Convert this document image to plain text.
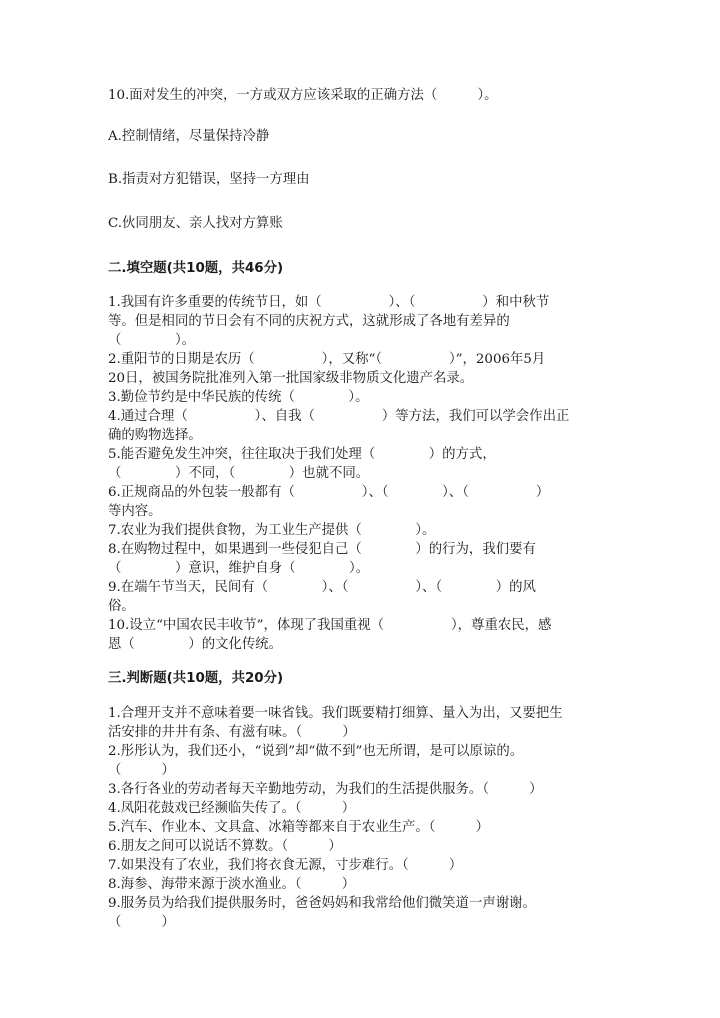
10.面对发生的冲突，一方或双方应该采取的正确方法（　　　）。
A.控制情绪，尽量保持冷静
B.指责对方犯错误，坚持一方理由
C.伙同朋友、亲人找对方算账
二.填空题(共10题，共46分)
1.我国有许多重要的传统节日，如（　　　　　）、（　　　　　）和中秋节
等。但是相同的节日会有不同的庆祝方式，这就形成了各地有差异的
（　　　　）。
2.重阳节的日期是农历（　　　　　），又称“（　　　　　）”，2006年5月
20日，被国务院批准列入第一批国家级非物质文化遗产名录。
3.勤俭节约是中华民族的传统（　　　　）。
4.通过合理（　　　　　）、自我（　　　　　）等方法，我们可以学会作出正
确的购物选择。
5.能否避免发生冲突，往往取决于我们处理（　　　　）的方式，
（　　　　）不同，（　　　　）也就不同。
6.正规商品的外包装一般都有（　　　　　）、（　　　　）、（　　　　　）
等内容。
7.农业为我们提供食物，为工业生产提供（　　　　）。
8.在购物过程中，如果遇到一些侵犯自己（　　　　）的行为，我们要有
（　　　　）意识，维护自身（　　　　）。
9.在端午节当天，民间有（　　　　）、（　　　　　）、（　　　　）的风
俗。
10.设立“中国农民丰收节”，体现了我国重视（　　　　　），尊重农民，感
恩（　　　　）的文化传统。
三.判断题(共10题，共20分)
1.合理开支并不意味着要一味省钱。我们既要精打细算、量入为出，又要把生
活安排的井井有条、有滋有味。（　　　）
2.彤彤认为，我们还小，“说到”却“做不到”也无所谓，是可以原谅的。
（　　　）
3.各行各业的劳动者每天辛勤地劳动，为我们的生活提供服务。（　　　）
4.凤阳花鼓戏已经濒临失传了。（　　　）
5.汽车、作业本、文具盒、冰箱等都来自于农业生产。（　　　）
6.朋友之间可以说话不算数。（　　　）
7.如果没有了农业，我们将衣食无源，寸步难行。（　　　）
8.海参、海带来源于淡水渔业。（　　　）
9.服务员为给我们提供服务时，爸爸妈妈和我常给他们微笑道一声谢谢。
（　　　）
